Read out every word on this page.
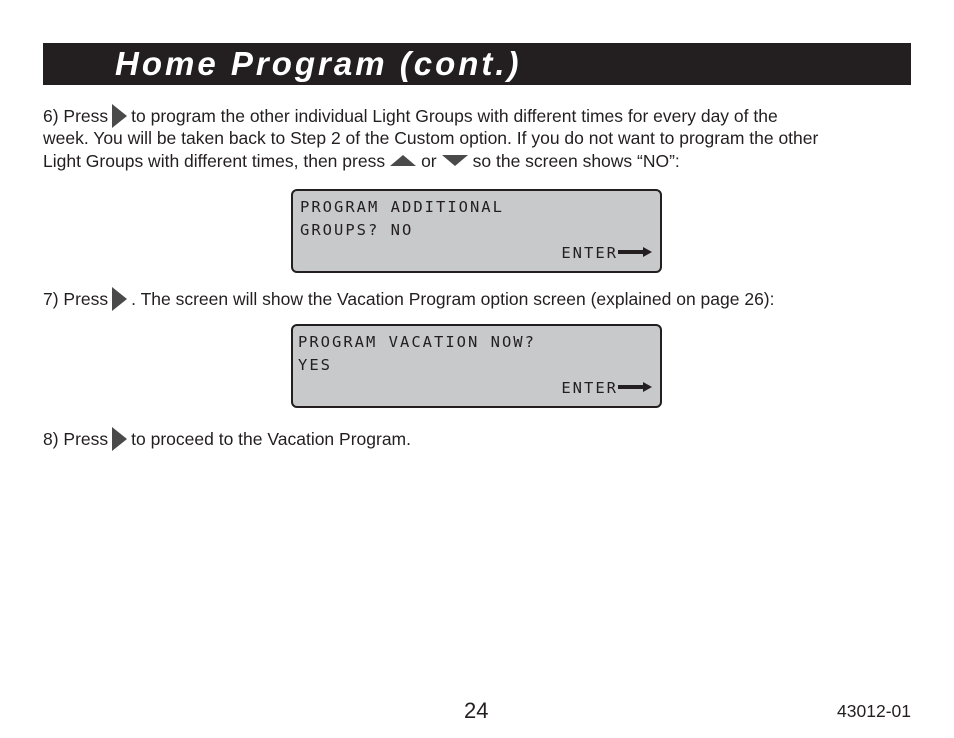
Home Program (cont.)
6) Press to program the other individual Light Groups with different times for every day of the
week. You will be taken back to Step 2 of the Custom option. If you do not want to program the other
Light Groups with different times, then press or so the screen shows “NO”:
PROGRAM ADDITIONAL
GROUPS? NO
ENTER
7) Press . The screen will show the Vacation Program option screen (explained on page 26):
PROGRAM VACATION NOW?
YES
ENTER
8) Press to proceed to the Vacation Program.
24	43012-01
